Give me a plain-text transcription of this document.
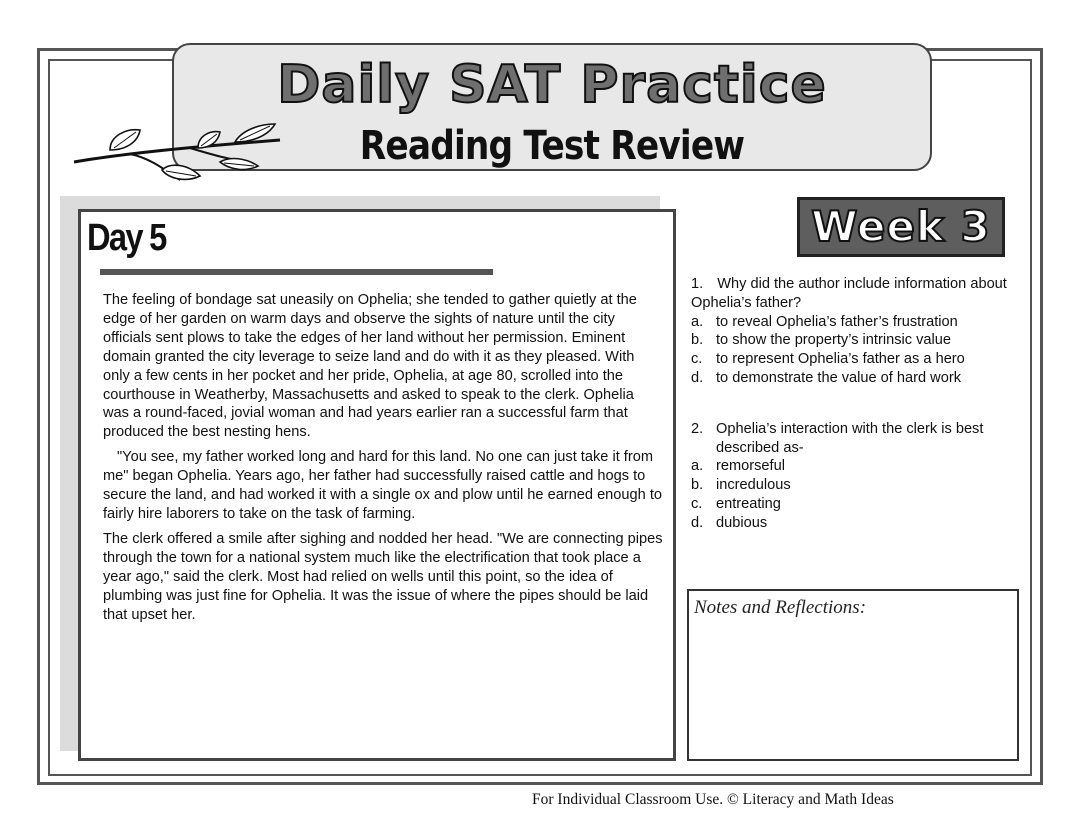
Daily SAT Practice
Reading Test Review
Day 5

The feeling of bondage sat uneasily on Ophelia; she tended to gather quietly at the edge of her garden on warm days and observe the sights of nature until the city officials sent plows to take the edges of her land without her permission. Eminent domain granted the city leverage to seize land and do with it as they pleased. With only a few cents in her pocket and her pride, Ophelia, at age 80, scrolled into the courthouse in Weatherby, Massachusetts and asked to speak to the clerk. Ophelia was a round-faced, jovial woman and had years earlier ran a successful farm that produced the best nesting hens.

"You see, my father worked long and hard for this land. No one can just take it from me" began Ophelia. Years ago, her father had successfully raised cattle and hogs to secure the land, and had worked it with a single ox and plow until he earned enough to fairly hire laborers to take on the task of farming.

The clerk offered a smile after sighing and nodded her head. "We are connecting pipes through the town for a national system much like the electrification that took place a year ago," said the clerk. Most had relied on wells until this point, so the idea of plumbing was just fine for Ophelia. It was the issue of where the pipes should be laid that upset her.

Week 3
1. Why did the author include information about Ophelia’s father?
a. to reveal Ophelia’s father’s frustration
b. to show the property’s intrinsic value
c. to represent Ophelia’s father as a hero
d. to demonstrate the value of hard work
2. Ophelia’s interaction with the clerk is best described as-
a. remorseful
b. incredulous
c. entreating
d. dubious
Notes and Reflections:
For Individual Classroom Use. © Literacy and Math Ideas
